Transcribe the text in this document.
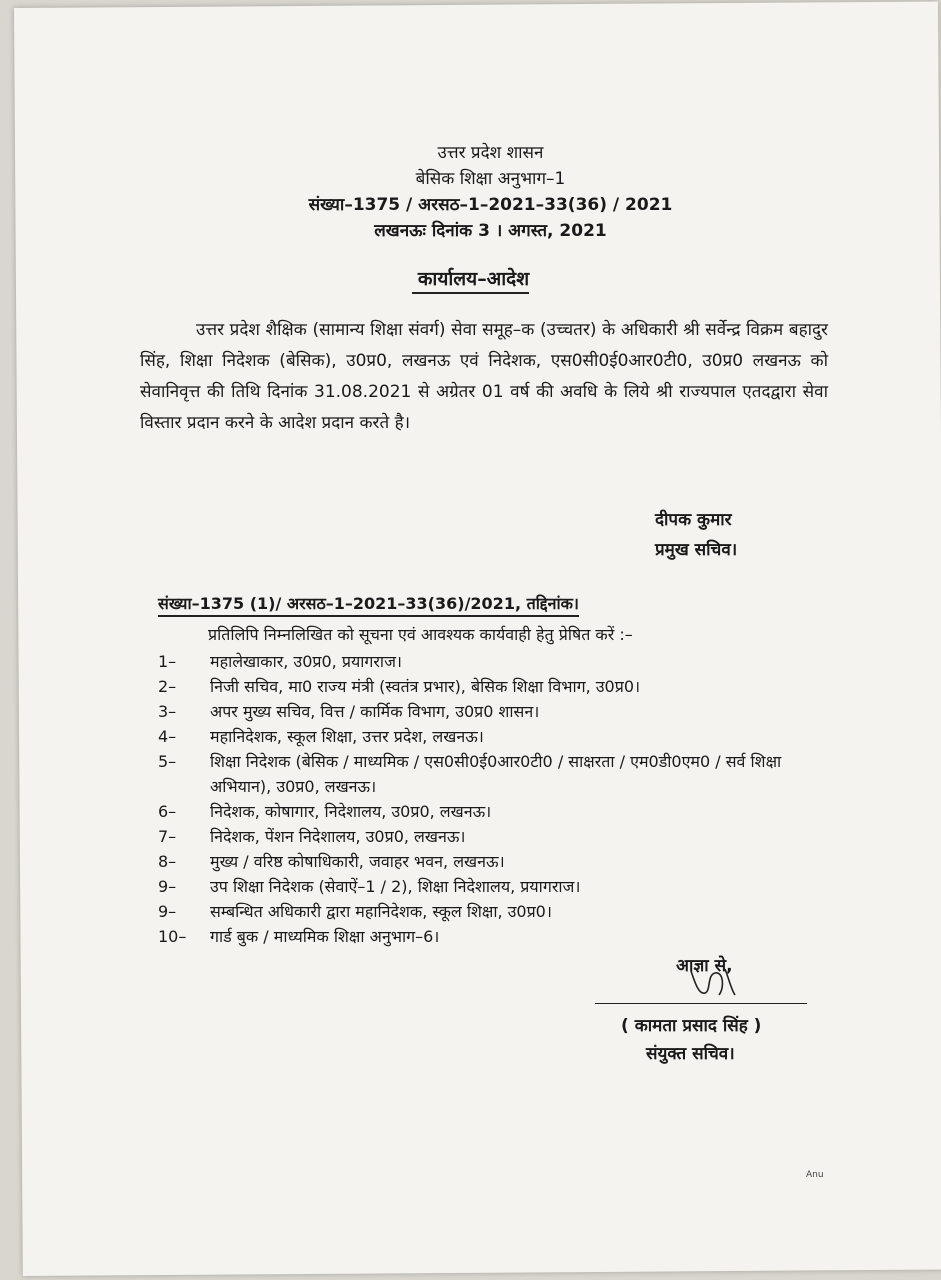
उत्तर प्रदेश शासन
बेसिक शिक्षा अनुभाग–1
संख्या–1375 / अरसठ–1–2021–33(36) / 2021
लखनऊः दिनांक 3 । अगस्त, 2021
कार्यालय–आदेश
उत्तर प्रदेश शैक्षिक (सामान्य शिक्षा संवर्ग) सेवा समूह–क (उच्चतर) के अधिकारी श्री सर्वेन्द्र विक्रम बहादुर सिंह, शिक्षा निदेशक (बेसिक), उ0प्र0, लखनऊ एवं निदेशक, एस0सी0ई0आर0टी0, उ0प्र0 लखनऊ को सेवानिवृत्त की तिथि दिनांक 31.08.2021 से अग्रेतर 01 वर्ष की अवधि के लिये श्री राज्यपाल एतदद्वारा सेवा विस्तार प्रदान करने के आदेश प्रदान करते है।
दीपक कुमार
प्रमुख सचिव।
संख्या–1375 (1)/ अरसठ–1–2021–33(36)/2021, तद्दिनांक।
प्रतिलिपि निम्नलिखित को सूचना एवं आवश्यक कार्यवाही हेतु प्रेषित करें :–
1–	महालेखाकार, उ0प्र0, प्रयागराज।
2–	निजी सचिव, मा0 राज्य मंत्री (स्वतंत्र प्रभार), बेसिक शिक्षा विभाग, उ0प्र0।
3–	अपर मुख्य सचिव, वित्त / कार्मिक विभाग, उ0प्र0 शासन।
4–	महानिदेशक, स्कूल शिक्षा, उत्तर प्रदेश, लखनऊ।
5–	शिक्षा निदेशक (बेसिक / माध्यमिक / एस0सी0ई0आर0टी0 / साक्षरता / एम0डी0एम0 / सर्व शिक्षा अभियान), उ0प्र0, लखनऊ।
6–	निदेशक, कोषागार, निदेशालय, उ0प्र0, लखनऊ।
7–	निदेशक, पेंशन निदेशालय, उ0प्र0, लखनऊ।
8–	मुख्य / वरिष्ठ कोषाधिकारी, जवाहर भवन, लखनऊ।
9–	उप शिक्षा निदेशक (सेवाऐं–1 / 2), शिक्षा निदेशालय, प्रयागराज।
9–	सम्बन्धित अधिकारी द्वारा महानिदेशक, स्कूल शिक्षा, उ0प्र0।
10–	गार्ड बुक / माध्यमिक शिक्षा अनुभाग–6।
आज्ञा से,
( कामता प्रसाद सिंह )
संयुक्त सचिव।
Anu
